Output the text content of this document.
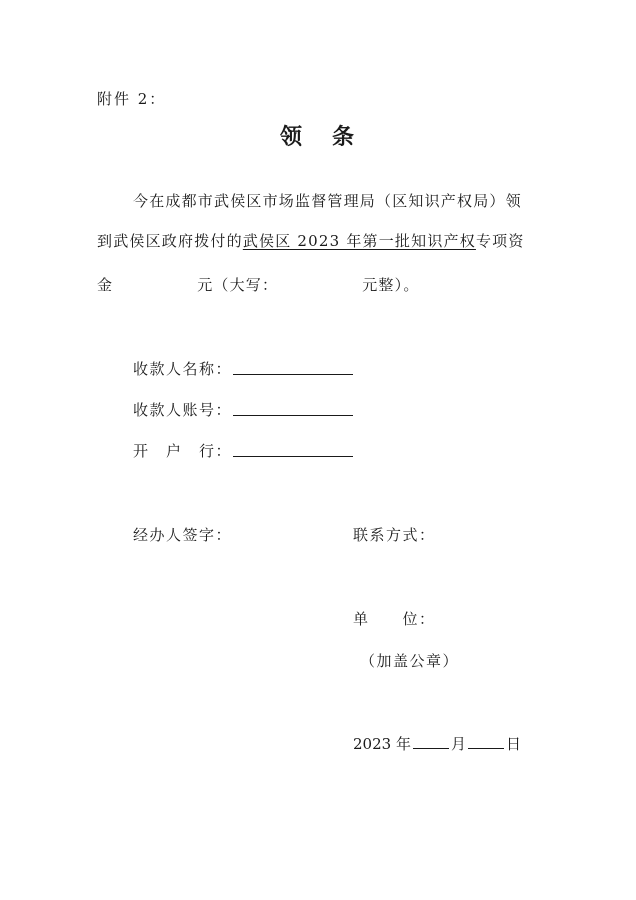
附件 2：
领 条
今在成都市武侯区市场监督管理局（区知识产权局）领
到武侯区政府拨付的武侯区 2023 年第一批知识产权专项资
金	元（大写：	元整）。
收款人名称：
收款人账号：
开　户　行：
经办人签字：	联系方式：
单　　位：
（加盖公章）
2023 年	月	日
